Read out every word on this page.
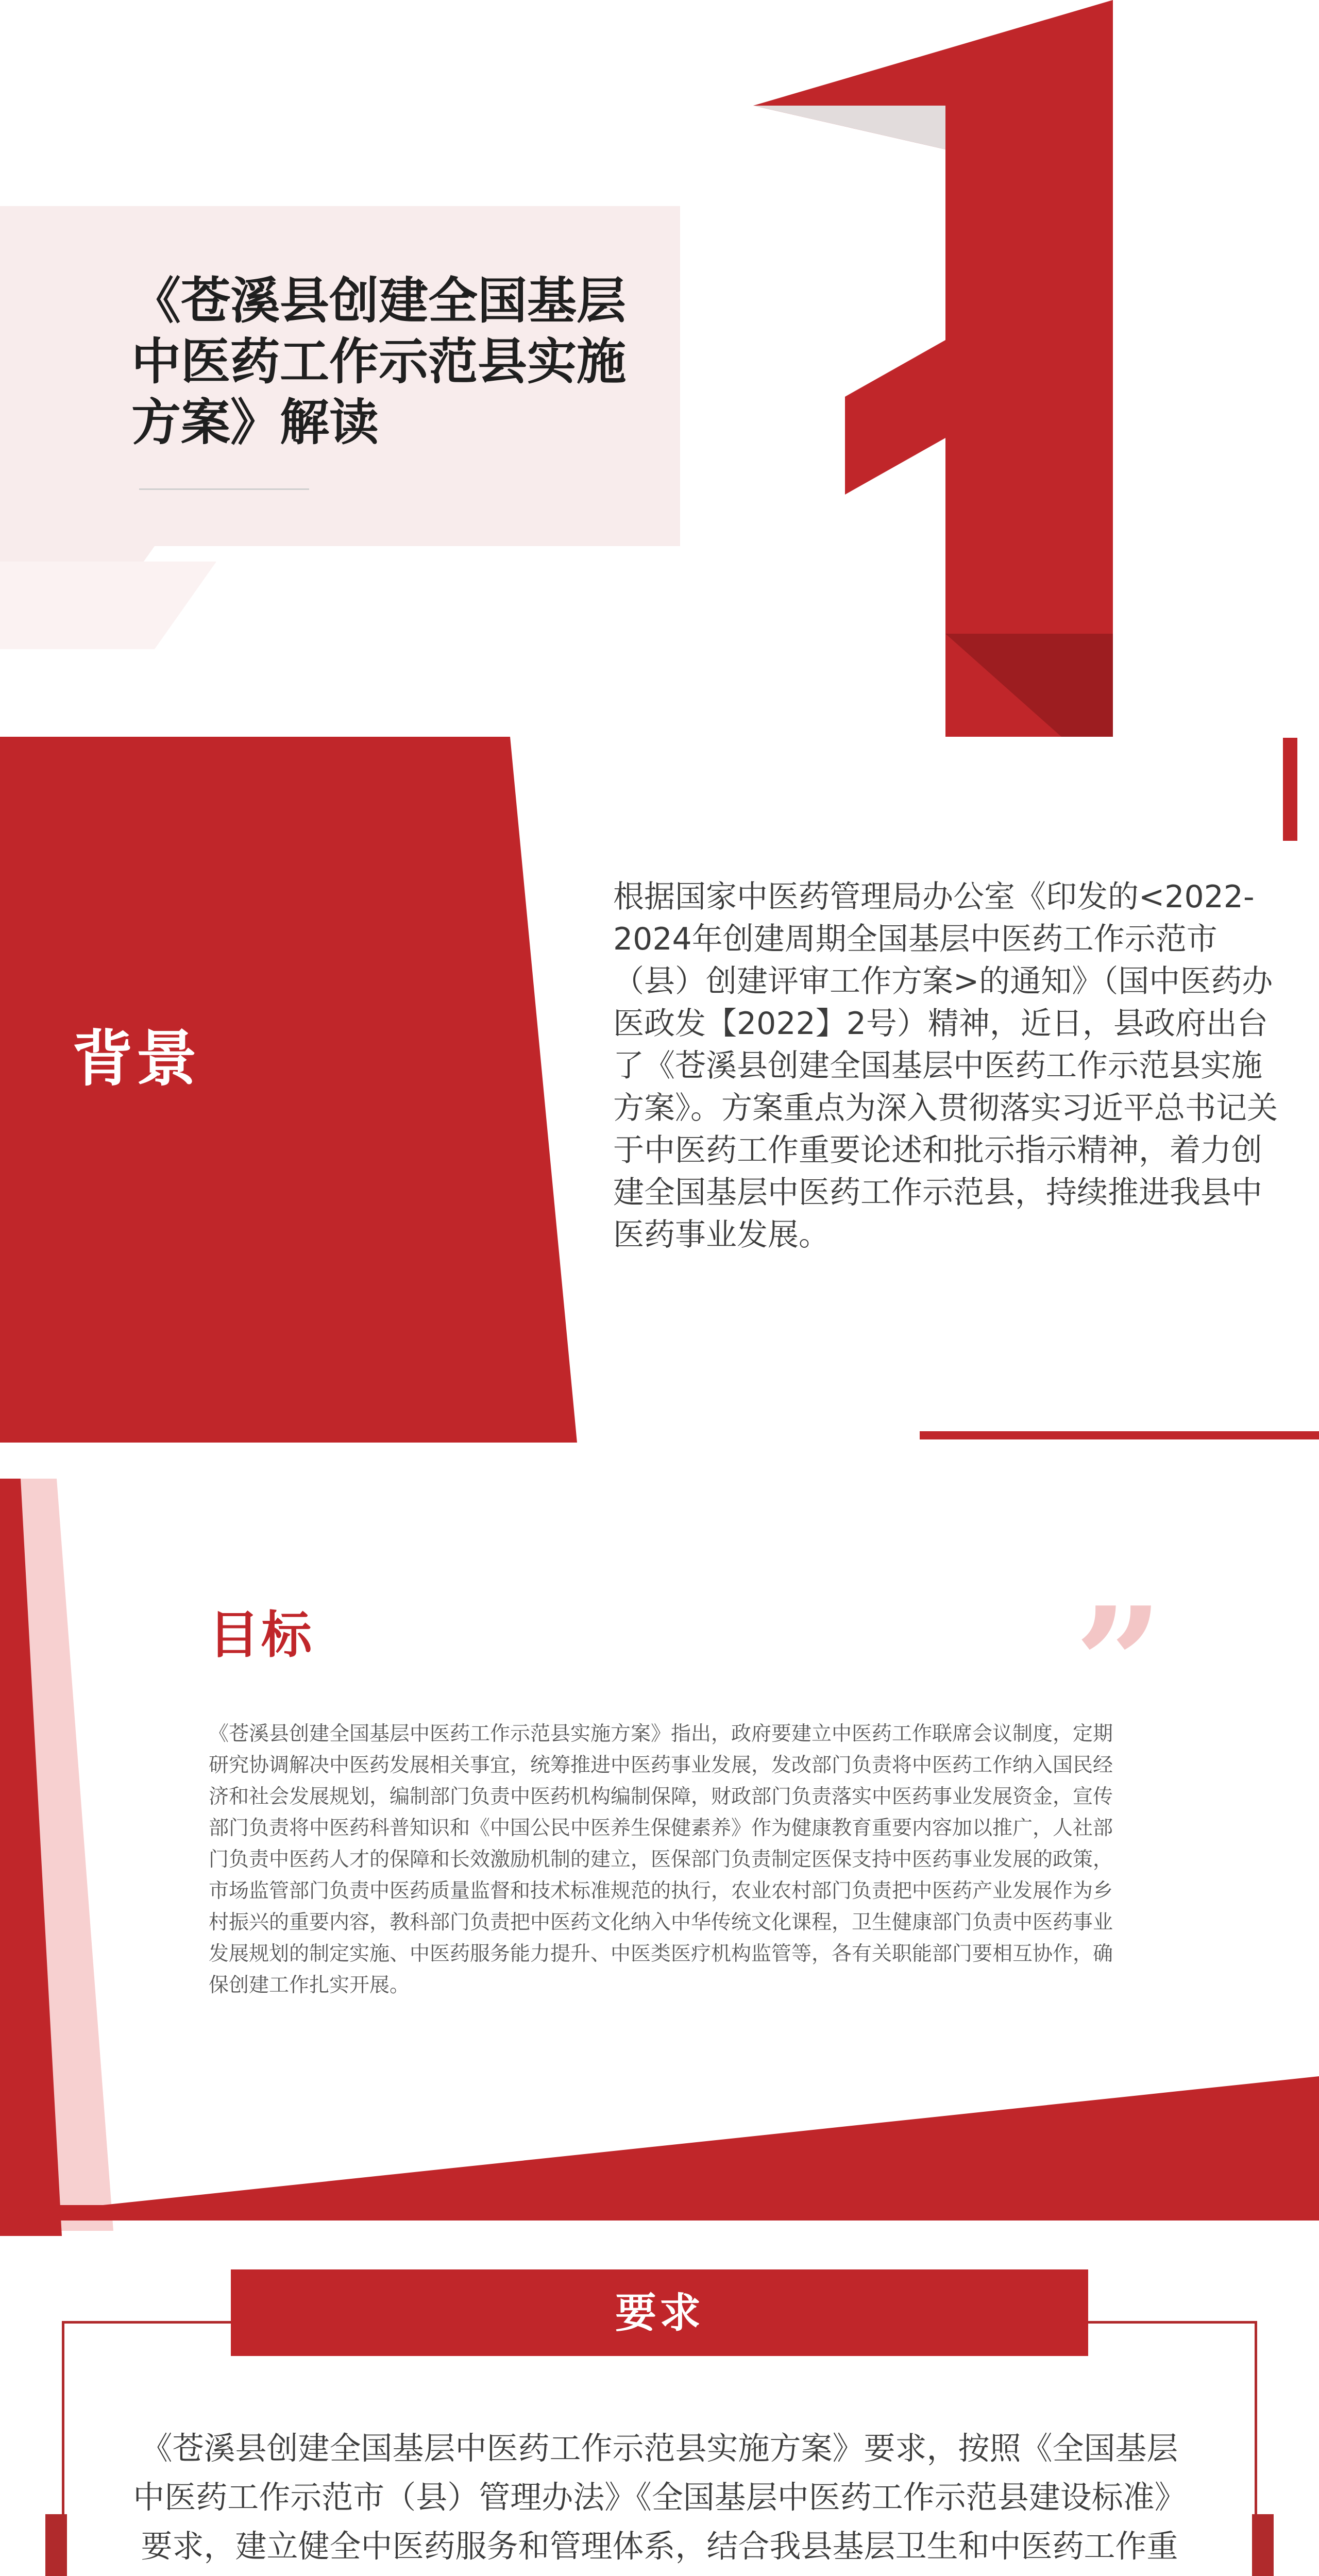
《苍溪县创建全国基层中医药工作示范县实施方案》解读
背景
根据国家中医药管理局办公室《印发的<2022-2024年创建周期全国基层中医药工作示范市（县）创建评审工作方案>的通知》（国中医药办医政发【2022】2号）精神，近日，县政府出台了《苍溪县创建全国基层中医药工作示范县实施方案》。方案重点为深入贯彻落实习近平总书记关于中医药工作重要论述和批示指示精神，着力创建全国基层中医药工作示范县，持续推进我县中医药事业发展。
目标	”
《苍溪县创建全国基层中医药工作示范县实施方案》指出，政府要建立中医药工作联席会议制度，定期研究协调解决中医药发展相关事宜，统筹推进中医药事业发展，发改部门负责将中医药工作纳入国民经济和社会发展规划，编制部门负责中医药机构编制保障，财政部门负责落实中医药事业发展资金，宣传部门负责将中医药科普知识和《中国公民中医养生保健素养》作为健康教育重要内容加以推广，人社部门负责中医药人才的保障和长效激励机制的建立，医保部门负责制定医保支持中医药事业发展的政策，市场监管部门负责中医药质量监督和技术标准规范的执行，农业农村部门负责把中医药产业发展作为乡村振兴的重要内容，教科部门负责把中医药文化纳入中华传统文化课程，卫生健康部门负责中医药事业发展规划的制定实施、中医药服务能力提升、中医类医疗机构监管等，各有关职能部门要相互协作，确保创建工作扎实开展。
要求
《苍溪县创建全国基层中医药工作示范县实施方案》要求，按照《全国基层中医药工作示范市（县）管理办法》《全国基层中医药工作示范县建设标准》要求，建立健全中医药服务和管理体系，结合我县基层卫生和中医药工作重
